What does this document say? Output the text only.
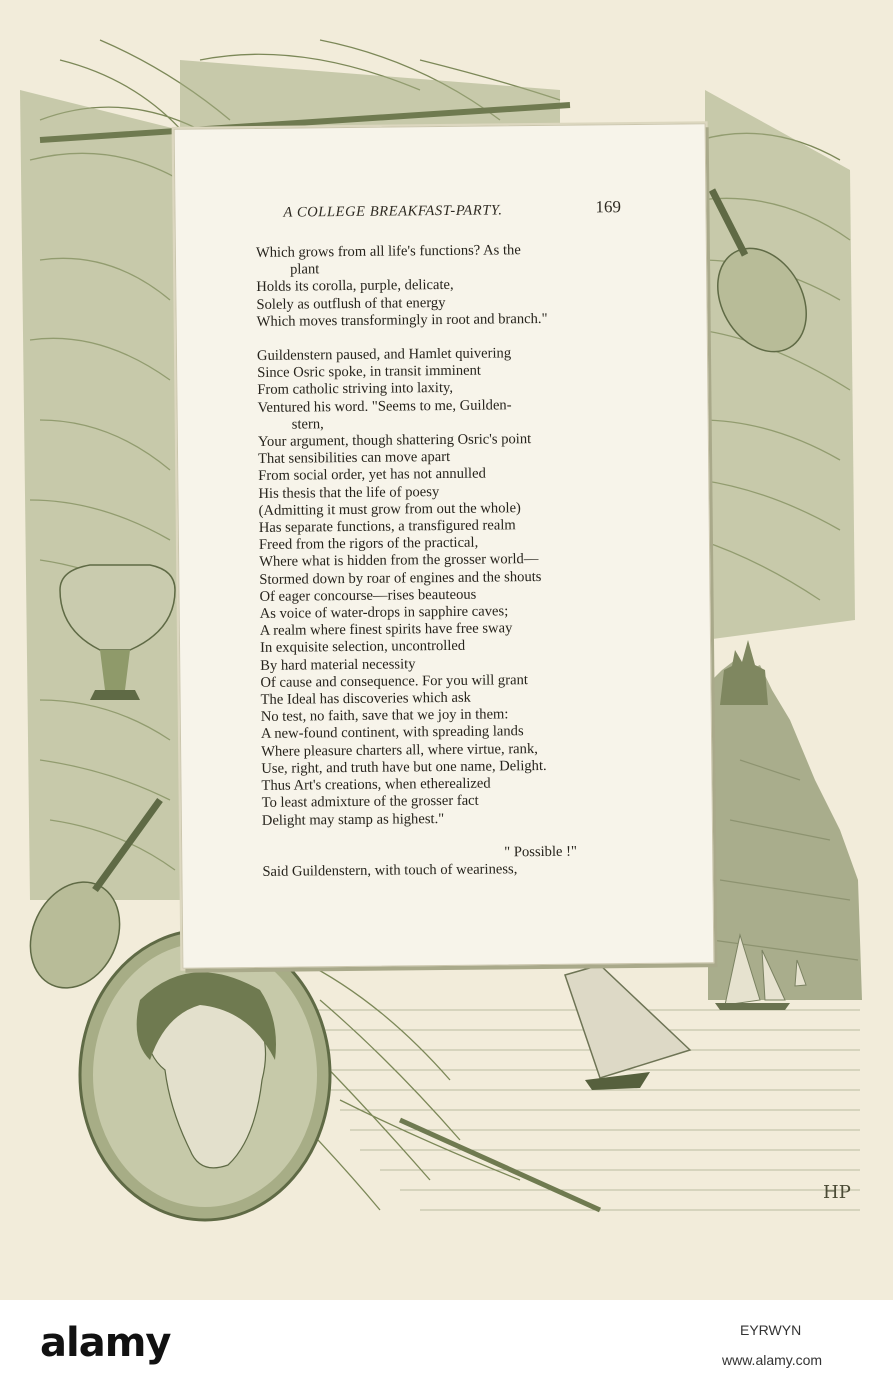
A COLLEGE BREAKFAST-PARTY.	169
Which grows from all life's functions? As the
plant
Holds its corolla, purple, delicate,
Solely as outflush of that energy
Which moves transformingly in root and branch."
Guildenstern paused, and Hamlet quivering
Since Osric spoke, in transit imminent
From catholic striving into laxity,
Ventured his word. "Seems to me, Guilden-
stern,
Your argument, though shattering Osric's point
That sensibilities can move apart
From social order, yet has not annulled
His thesis that the life of poesy
(Admitting it must grow from out the whole)
Has separate functions, a transfigured realm
Freed from the rigors of the practical,
Where what is hidden from the grosser world—
Stormed down by roar of engines and the shouts
Of eager concourse—rises beauteous
As voice of water-drops in sapphire caves;
A realm where finest spirits have free sway
In exquisite selection, uncontrolled
By hard material necessity
Of cause and consequence. For you will grant
The Ideal has discoveries which ask
No test, no faith, save that we joy in them:
A new-found continent, with spreading lands
Where pleasure charters all, where virtue, rank,
Use, right, and truth have but one name, Delight.
Thus Art's creations, when etherealized
To least admixture of the grosser fact
Delight may stamp as highest."
" Possible !"
Said Guildenstern, with touch of weariness,
HP
alamy	EYRWYN
www.alamy.com
